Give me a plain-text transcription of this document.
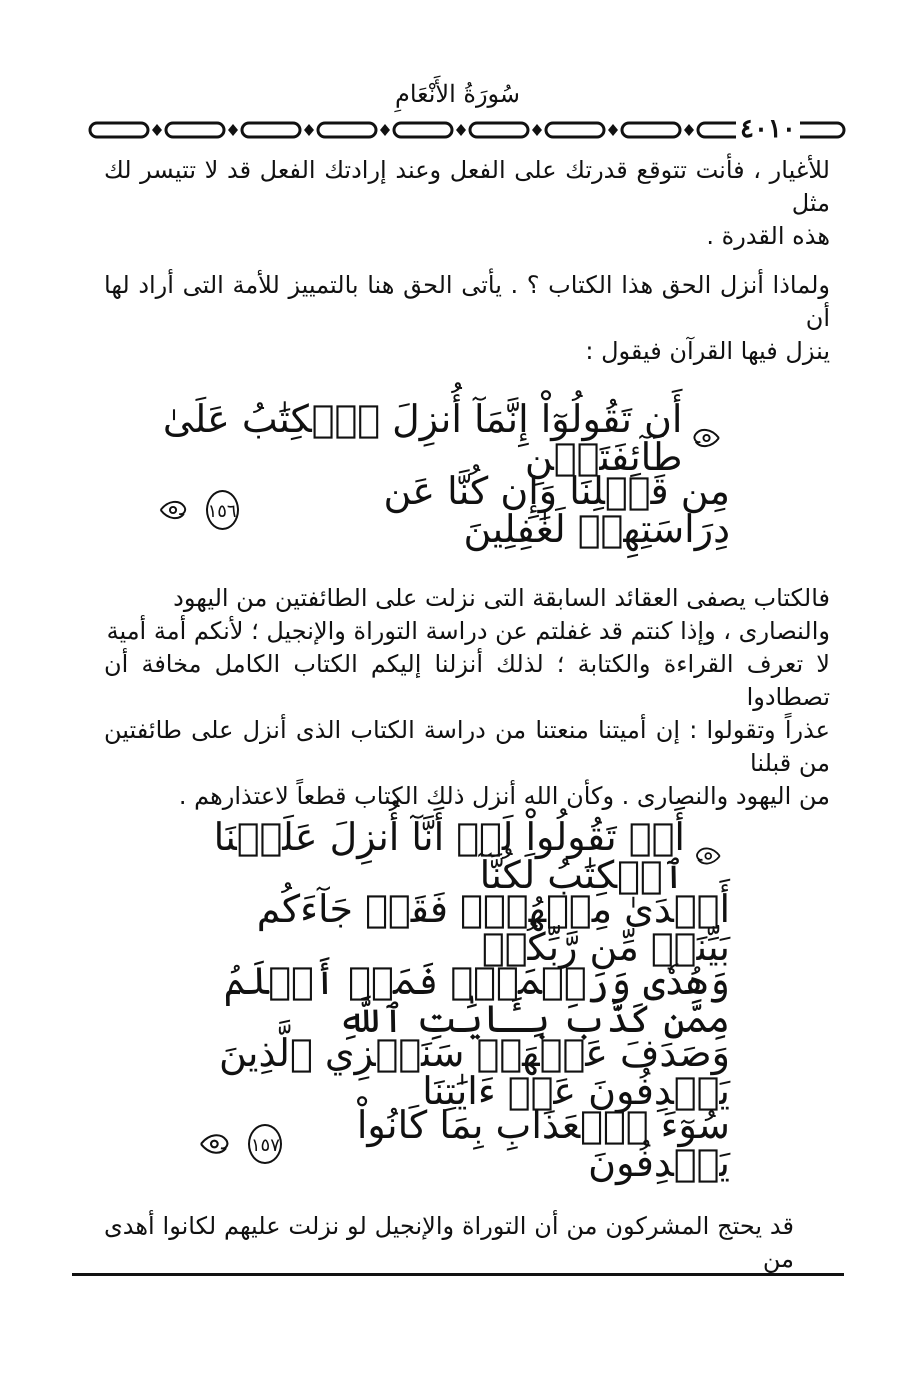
سُورَةُ الأَنْعَامِ
٤٠١٠

للأغيار ، فأنت تتوقع قدرتك على الفعل وعند إرادتك الفعل قد لا تتيسر لك مثل

هذه القدرة .

ولماذا أنزل الحق هذا الكتاب ؟ . يأتى الحق هنا بالتمييز للأمة التى أراد لها أن

ينزل فيها القرآن فيقول :

أَن تَقُولُوٓاْ إِنَّمَآ أُنزِلَ ٱلۡكِتَٰبُ عَلَىٰ طَآئِفَتَيۡنِ
مِن قَبۡلِنَا وَإِن كُنَّا عَن دِرَاسَتِهِمۡ لَغَٰفِلِينَ
١٥٦

فالكتاب يصفى العقائد السابقة التى نزلت على الطائفتين من اليهود

والنصارى ، وإذا كنتم قد غفلتم عن دراسة التوراة والإنجيل ؛ لأنكم أمة أمية

لا تعرف القراءة والكتابة ؛ لذلك أنزلنا إليكم الكتاب الكامل مخافة أن تصطادوا

عذراً وتقولوا : إن أميتنا منعتنا من دراسة الكتاب الذى أنزل على طائفتين من قبلنا

من اليهود والنصارى . وكأن الله أنزل ذلك الكتاب قطعاً لاعتذارهم .

أَوۡ تَقُولُواْ لَوۡ أَنَّآ أُنزِلَ عَلَيۡنَا ٱلۡكِتَٰبُ لَكُنَّآ
أَهۡدَىٰ مِنۡهُمۡۚ فَقَدۡ جَآءَكُم بَيِّنَةٞ مِّن رَّبِّكُمۡ
وَهُدٗى وَرَحۡمَةٞۚ فَمَنۡ أَظۡلَمُ مِمَّن كَذَّبَ بِـَٔايَٰتِ ٱللَّهِ
وَصَدَفَ عَنۡهَاۗ سَنَجۡزِي ٱلَّذِينَ يَصۡدِفُونَ عَنۡ ءَايَٰتِنَا
سُوٓءَ ٱلۡعَذَابِ بِمَا كَانُواْ يَصۡدِفُونَ
١٥٧

قد يحتج المشركون من أن التوراة والإنجيل لو نزلت عليهم لكانوا أهدى من
